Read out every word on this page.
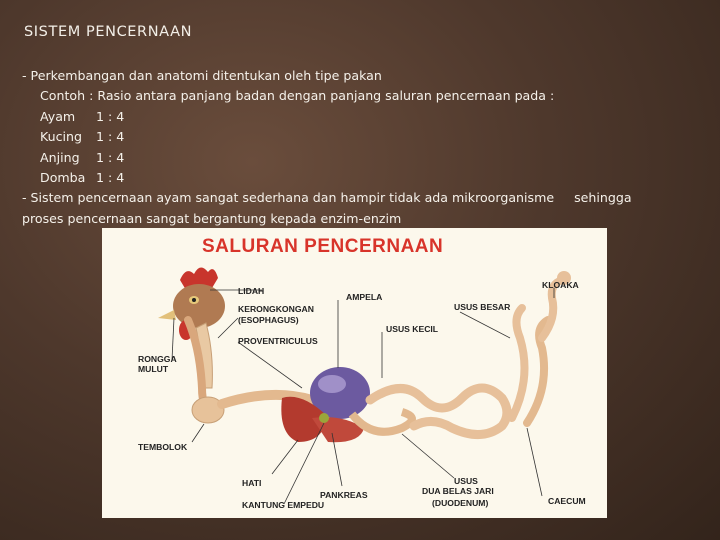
SISTEM PENCERNAAN
- Perkembangan dan anatomi ditentukan oleh tipe pakan
Contoh : Rasio antara panjang badan dengan panjang saluran pencernaan pada :
Ayam	1 : 4
Kucing	1 : 4
Anjing	1 : 4
Domba 1 : 4
- Sistem pencernaan ayam sangat sederhana dan hampir tidak ada mikroorganisme sehingga
proses pencernaan sangat bergantung kepada enzim-enzim
SALURAN PENCERNAAN
LIDAH
AMPELA
KLOAKA
KERONGKONGAN
(ESOPHAGUS)
USUS BESAR
USUS KECIL
PROVENTRICULUS
RONGGA
MULUT
TEMBOLOK
HATI
PANKREAS
USUS
DUA BELAS JARI
(DUODENUM)
KANTUNG EMPEDU	CAECUM
